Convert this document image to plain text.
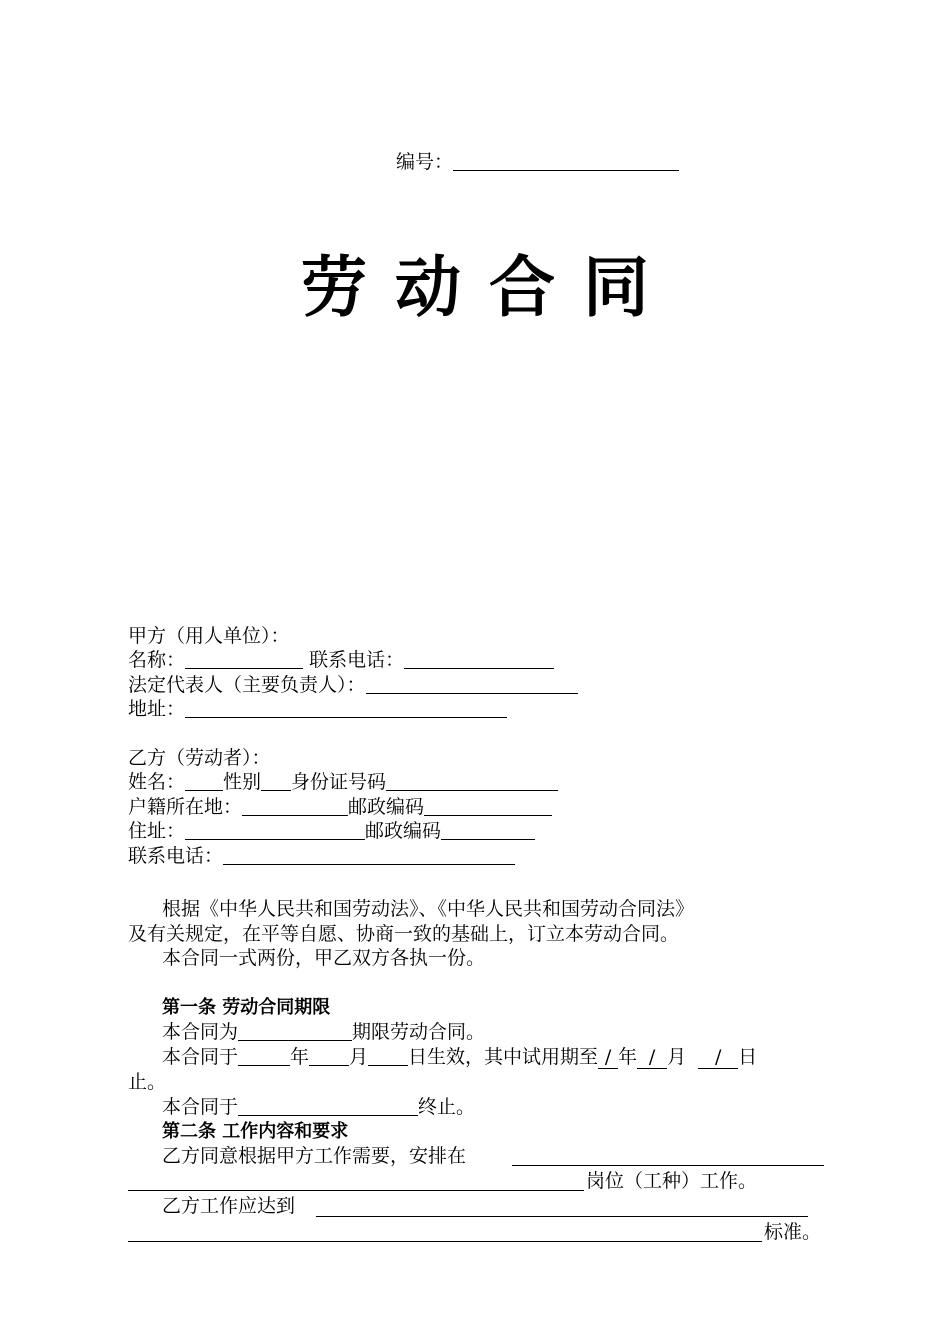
编号：
劳动合同
甲方（用人单位）：
名称：	联系电话：
法定代表人（主要负责人）：
地址：
乙方（劳动者）：
姓名： 性别 身份证号码
户籍所在地：	邮政编码
住址：	邮政编码
联系电话：
根据《中华人民共和国劳动法》、《中华人民共和国劳动合同法》
及有关规定，在平等自愿、协商一致的基础上，订立本劳动合同。
本合同一式两份，甲乙双方各执一份。
第一条 劳动合同期限
本合同为	期限劳动合同。
本合同于	年 月 日生效，其中试用期至 / 年 / 月 / 日
止。
本合同于	终止。
第二条 工作内容和要求
乙方同意根据甲方工作需要，安排在
岗位（工种）工作。
乙方工作应达到
标准。
